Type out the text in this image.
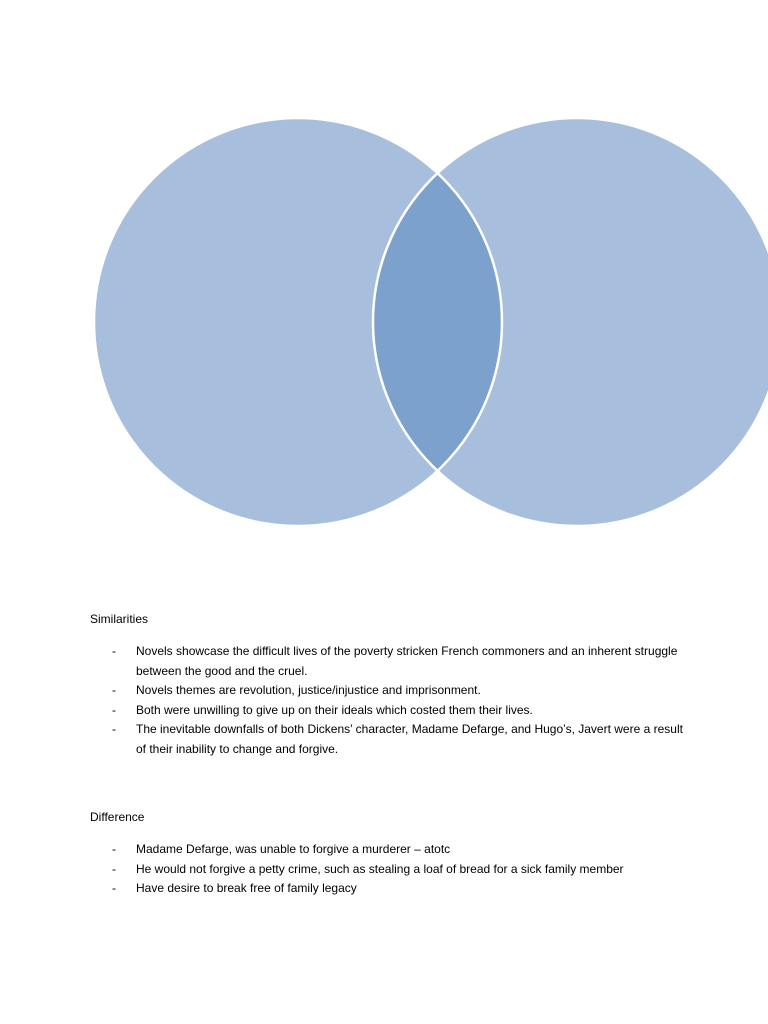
Similarities
- Novels showcase the difficult lives of the poverty stricken French commoners and an inherent struggle between the good and the cruel.
- Novels themes are revolution, justice/injustice and imprisonment.
- Both were unwilling to give up on their ideals which costed them their lives.
- The inevitable downfalls of both Dickens’ character, Madame Defarge, and Hugo’s, Javert were a result of their inability to change and forgive.
Difference
- Madame Defarge, was unable to forgive a murderer – atotc
- He would not forgive a petty crime, such as stealing a loaf of bread for a sick family member
- Have desire to break free of family legacy
